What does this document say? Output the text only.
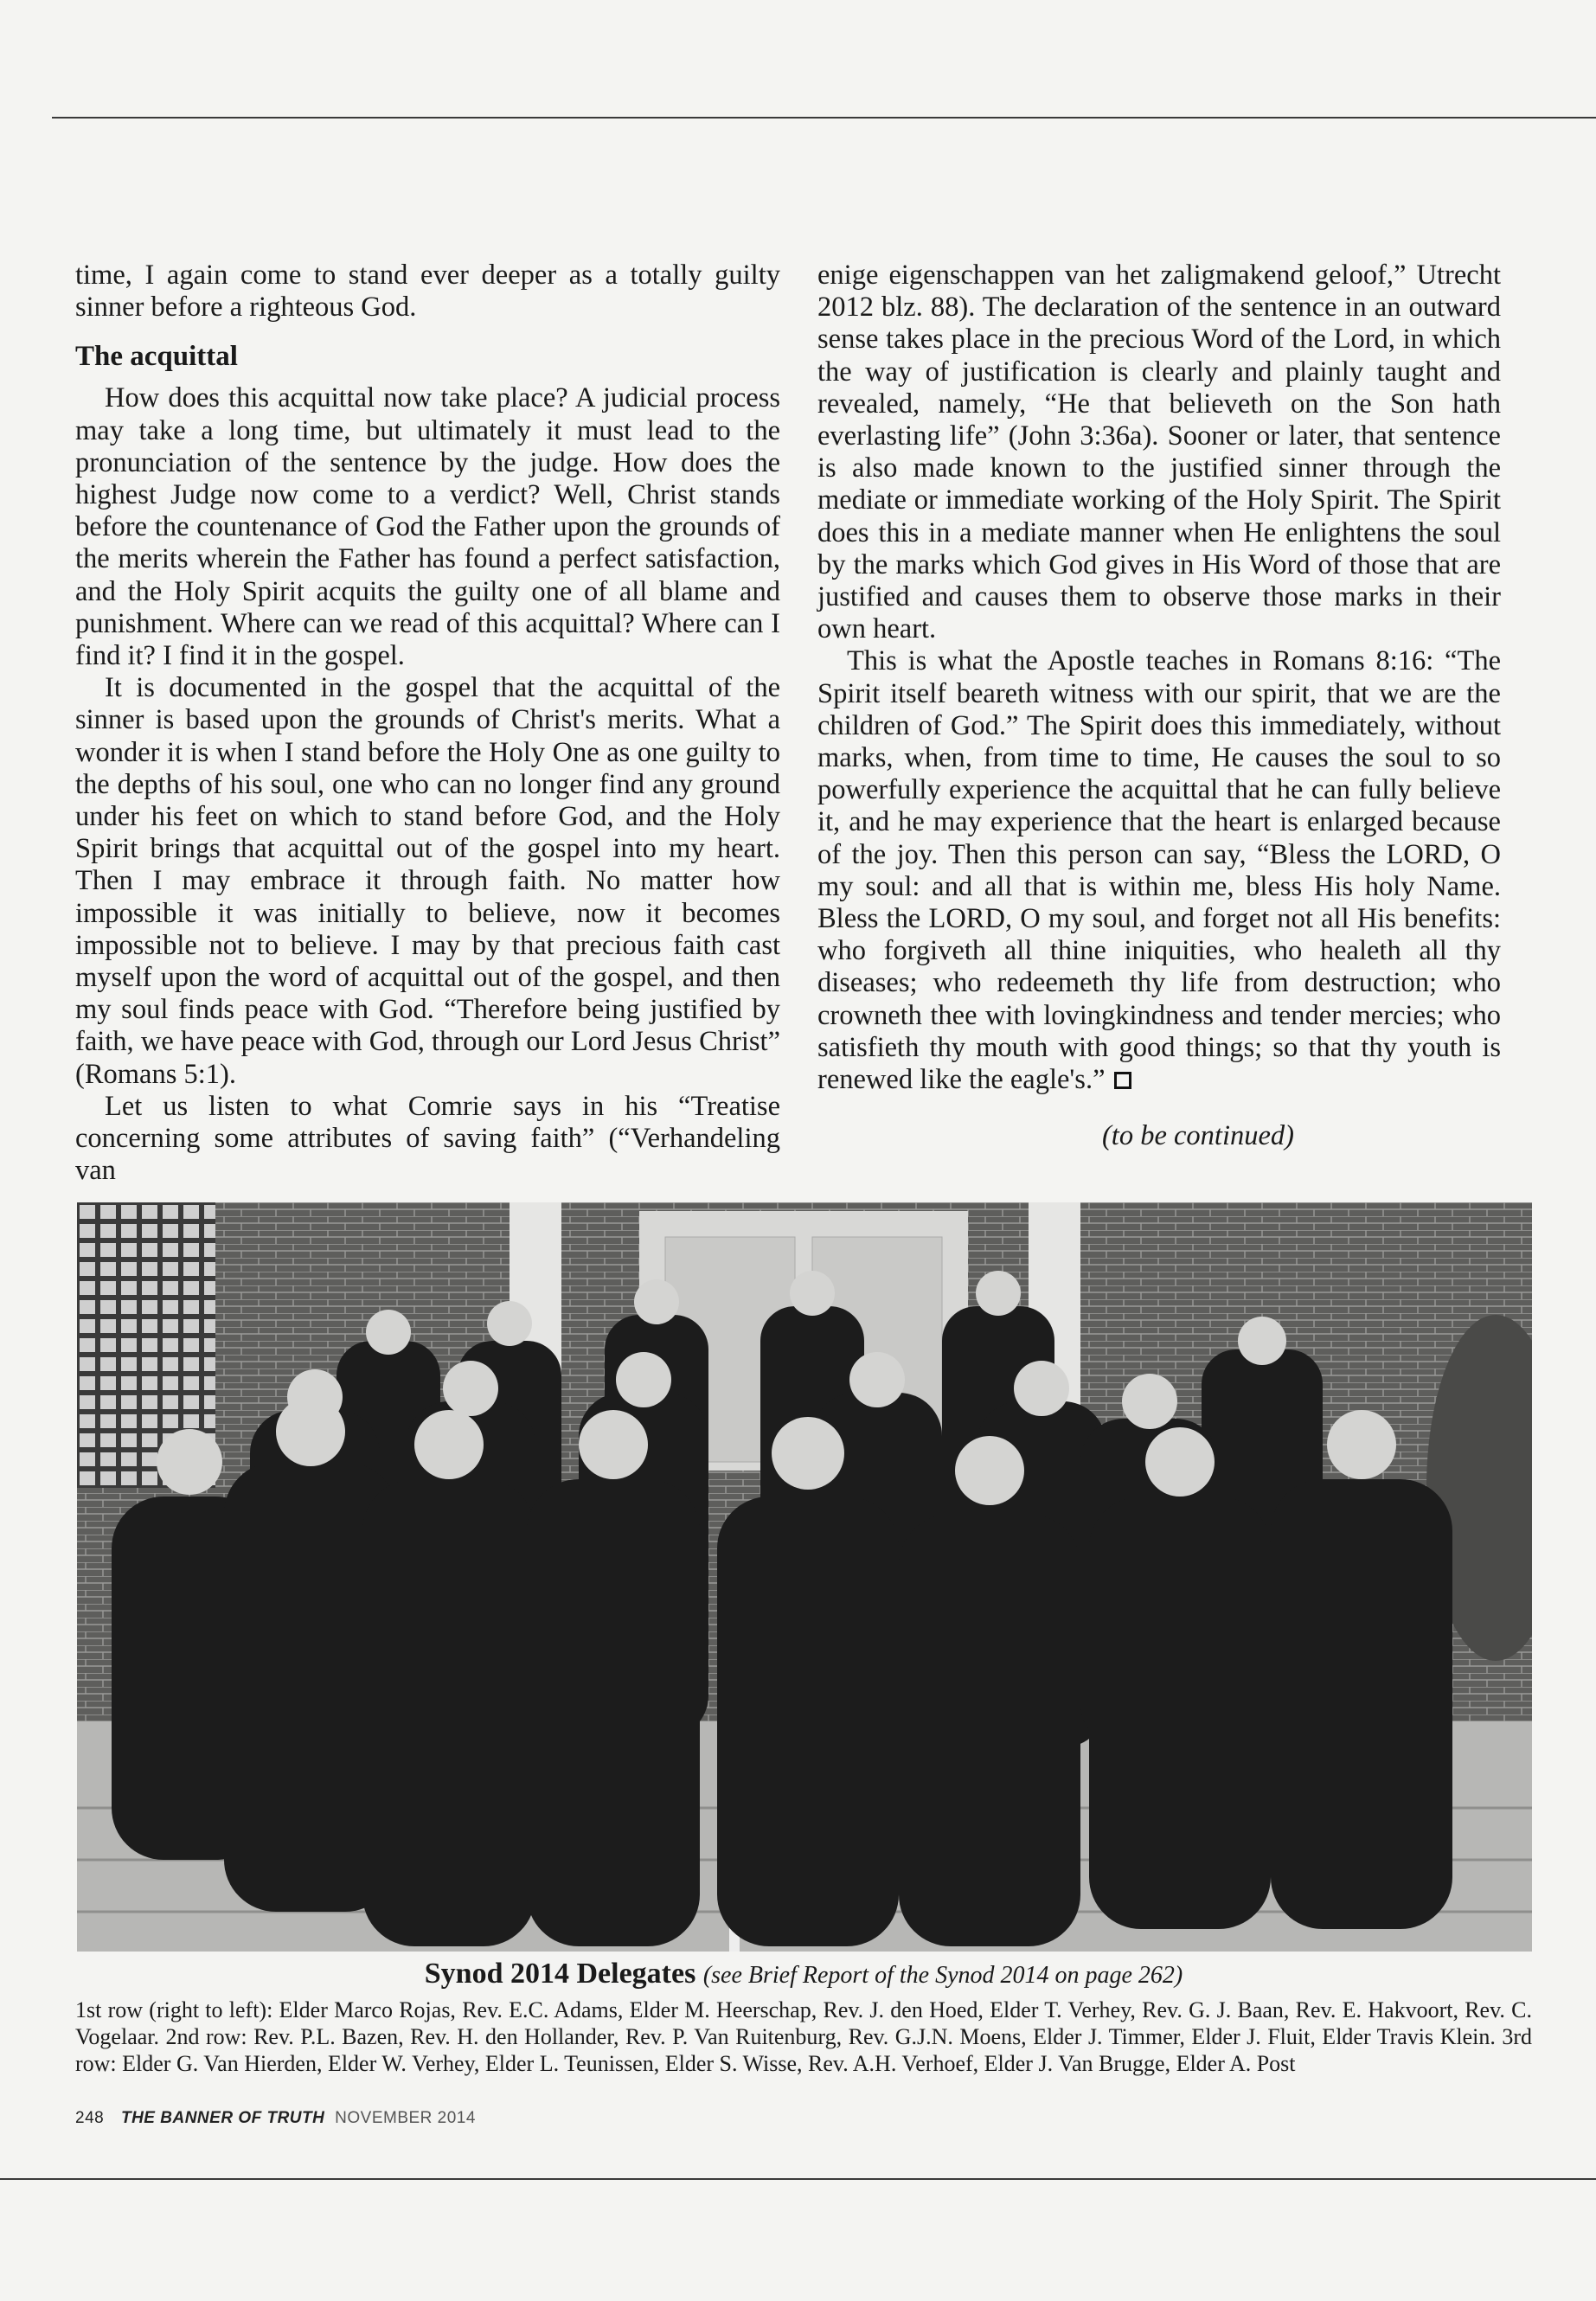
time, I again come to stand ever deeper as a totally guilty sinner before a righteous God.

The acquittal

How does this acquittal now take place? A judicial process may take a long time, but ultimately it must lead to the pronunciation of the sentence by the judge. How does the highest Judge now come to a verdict? Well, Christ stands before the countenance of God the Father upon the grounds of the merits wherein the Father has found a perfect satisfaction, and the Holy Spirit acquits the guilty one of all blame and punishment. Where can we read of this acquittal? Where can I find it? I find it in the gospel.

It is documented in the gospel that the acquittal of the sinner is based upon the grounds of Christ's merits. What a wonder it is when I stand before the Holy One as one guilty to the depths of his soul, one who can no longer find any ground under his feet on which to stand before God, and the Holy Spirit brings that acquittal out of the gospel into my heart. Then I may embrace it through faith. No matter how impossible it was initially to believe, now it becomes impossible not to believe. I may by that precious faith cast myself upon the word of acquittal out of the gospel, and then my soul finds peace with God. “Therefore being justified by faith, we have peace with God, through our Lord Jesus Christ” (Romans 5:1).

Let us listen to what Comrie says in his “Treatise concerning some attributes of saving faith” (“Verhandeling van

enige eigenschappen van het zaligmakend geloof,” Utrecht 2012 blz. 88). The declaration of the sentence in an outward sense takes place in the precious Word of the Lord, in which the way of justification is clearly and plainly taught and revealed, namely, “He that believeth on the Son hath everlasting life” (John 3:36a). Sooner or later, that sentence is also made known to the justified sinner through the mediate or immediate working of the Holy Spirit. The Spirit does this in a mediate manner when He enlightens the soul by the marks which God gives in His Word of those that are justified and causes them to observe those marks in their own heart.

This is what the Apostle teaches in Romans 8:16: “The Spirit itself beareth witness with our spirit, that we are the children of God.” The Spirit does this immediately, without marks, when, from time to time, He causes the soul to so powerfully experience the acquittal that he can fully believe it, and he may experience that the heart is enlarged because of the joy. Then this person can say, “Bless the LORD, O my soul: and all that is within me, bless His holy Name. Bless the LORD, O my soul, and forget not all His benefits: who forgiveth all thine iniquities, who healeth all thy diseases; who redeemeth thy life from destruction; who crowneth thee with lovingkindness and tender mercies; who satisfieth thy mouth with good things; so that thy youth is renewed like the eagle's.”

(to be continued)
Synod 2014 Delegates (see Brief Report of the Synod 2014 on page 262)
1st row (right to left): Elder Marco Rojas, Rev. E.C. Adams, Elder M. Heerschap, Rev. J. den Hoed, Elder T. Verhey, Rev. G. J. Baan, Rev. E. Hakvoort, Rev. C. Vogelaar. 2nd row: Rev. P.L. Bazen, Rev. H. den Hollander, Rev. P. Van Ruitenburg, Rev. G.J.N. Moens, Elder J. Timmer, Elder J. Fluit, Elder Travis Klein. 3rd row: Elder G. Van Hierden, Elder W. Verhey, Elder L. Teunissen, Elder S. Wisse, Rev. A.H. Verhoef, Elder J. Van Brugge, Elder A. Post
248 THE BANNER OF TRUTH NOVEMBER 2014
